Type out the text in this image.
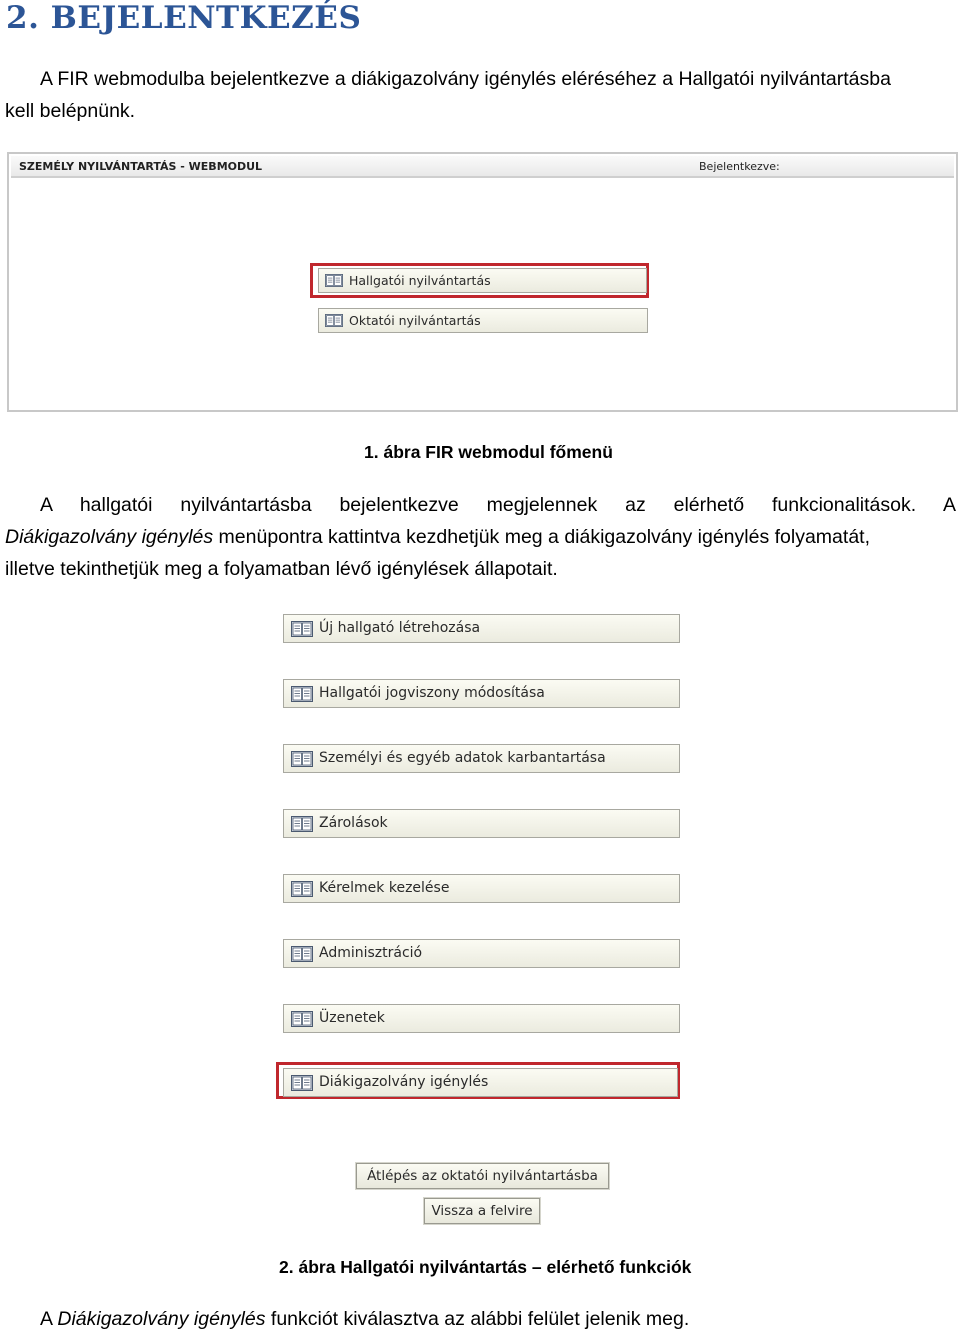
2. BEJELENTKEZÉS
A FIR webmodulba bejelentkezve a diákigazolvány igénylés eléréséhez a Hallgatói nyilvántartásba
kell belépnünk.
SZEMÉLY NYILVÁNTARTÁS - WEBMODUL	Bejelentkezve:
Hallgatói nyilvántartás
Oktatói nyilvántartás
1. ábra FIR webmodul főmenü
A hallgatói nyilvántartásba bejelentkezve megjelennek az elérhető funkcionalitások. A
Diákigazolvány igénylés menüpontra kattintva kezdhetjük meg a diákigazolvány igénylés folyamatát,
illetve tekinthetjük meg a folyamatban lévő igénylések állapotait.
Új hallgató létrehozása
Hallgatói jogviszony módosítása
Személyi és egyéb adatok karbantartása
Zárolások
Kérelmek kezelése
Adminisztráció
Üzenetek
Diákigazolvány igénylés
Átlépés az oktatói nyilvántartásba
Vissza a felvire
2. ábra Hallgatói nyilvántartás – elérhető funkciók
A Diákigazolvány igénylés funkciót kiválasztva az alábbi felület jelenik meg.
